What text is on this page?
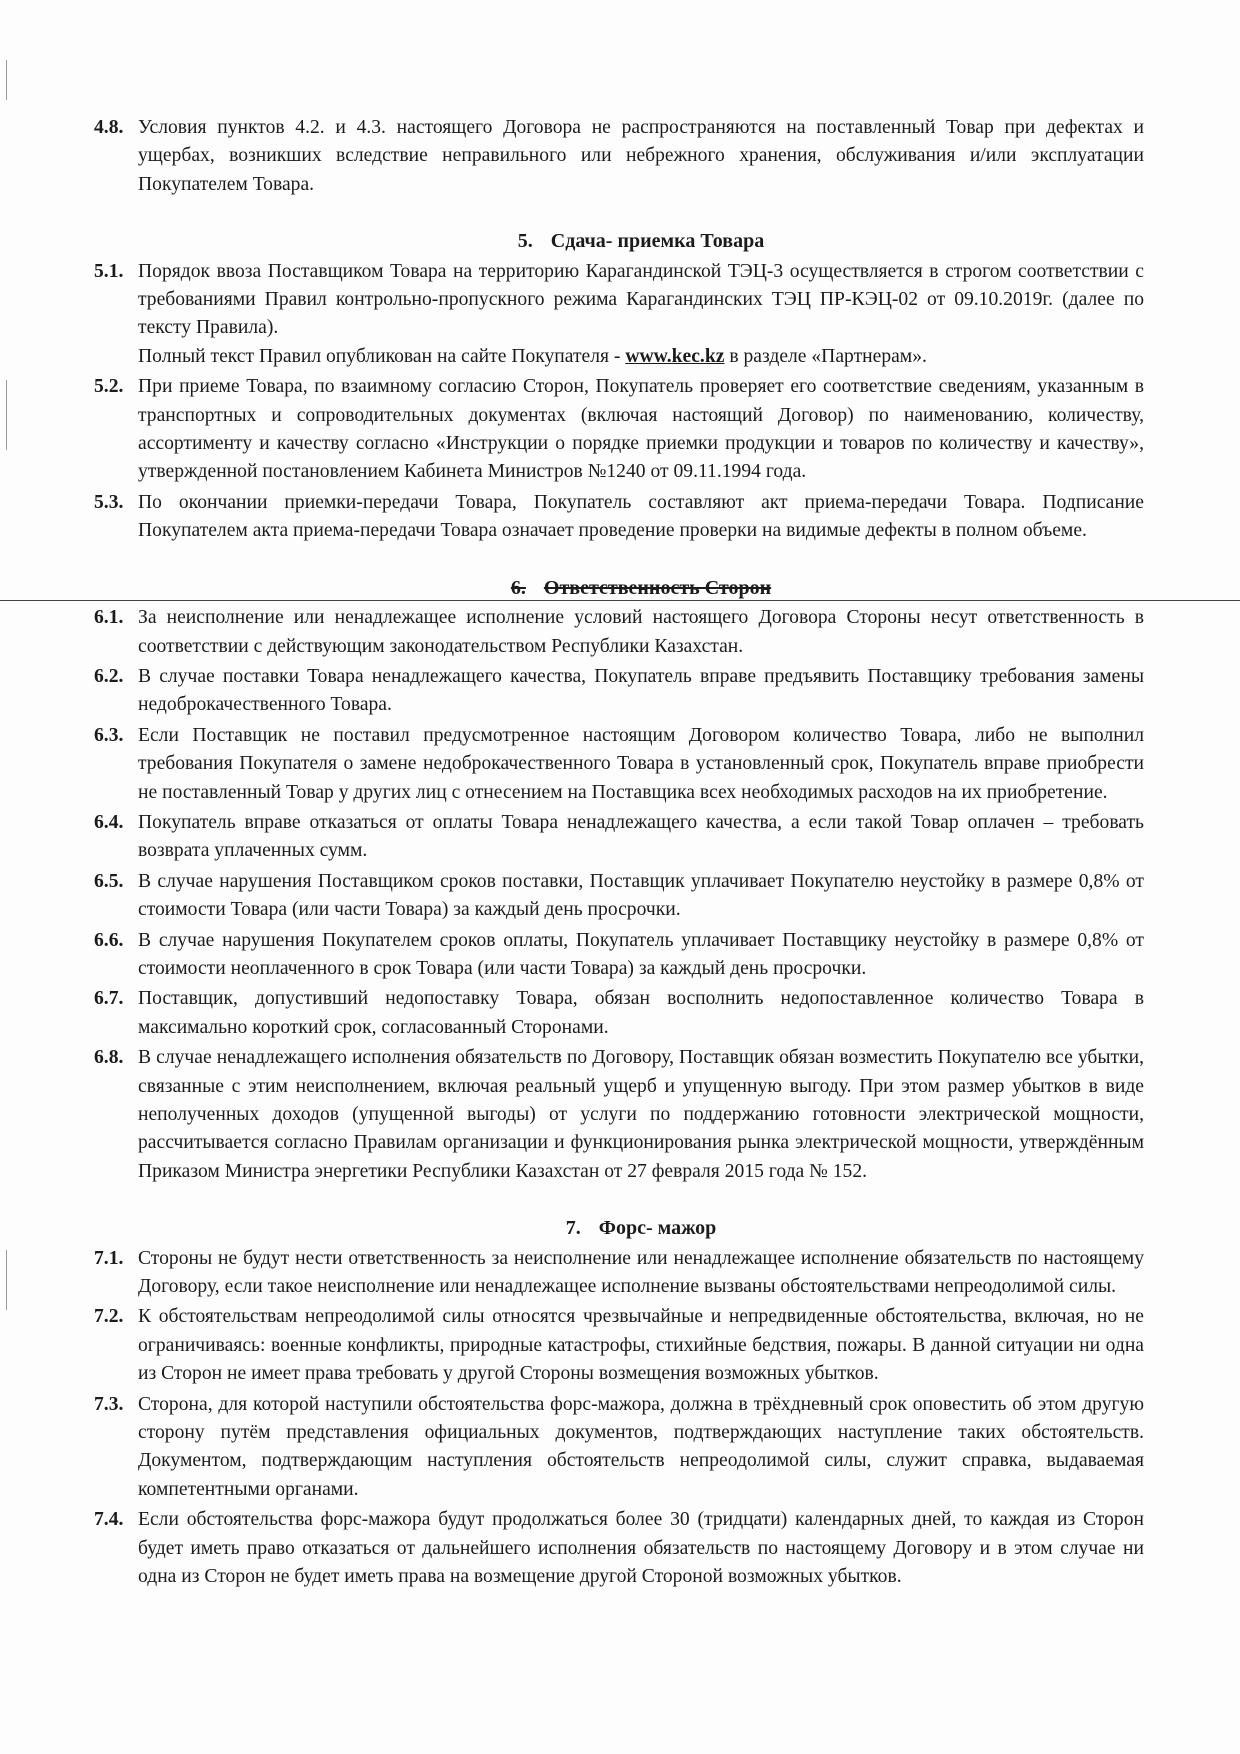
4.8. Условия пунктов 4.2. и 4.3. настоящего Договора не распространяются на поставленный Товар при дефектах и ущербах, возникших вследствие неправильного или небрежного хранения, обслуживания и/или эксплуатации Покупателем Товара.
5. Сдача- приемка Товара
5.1. Порядок ввоза Поставщиком Товара на территорию Карагандинской ТЭЦ-3 осуществляется в строгом соответствии с требованиями Правил контрольно-пропускного режима Карагандинских ТЭЦ ПР-КЭЦ-02 от 09.10.2019г. (далее по тексту Правила).
Полный текст Правил опубликован на сайте Покупателя - www.kec.kz в разделе «Партнерам».
5.2. При приеме Товара, по взаимному согласию Сторон, Покупатель проверяет его соответствие сведениям, указанным в транспортных и сопроводительных документах (включая настоящий Договор) по наименованию, количеству, ассортименту и качеству согласно «Инструкции о порядке приемки продукции и товаров по количеству и качеству», утвержденной постановлением Кабинета Министров №1240 от 09.11.1994 года.
5.3. По окончании приемки-передачи Товара, Покупатель составляют акт приема-передачи Товара. Подписание Покупателем акта приема-передачи Товара означает проведение проверки на видимые дефекты в полном объеме.
6. Ответственность Сторон
6.1. За неисполнение или ненадлежащее исполнение условий настоящего Договора Стороны несут ответственность в соответствии с действующим законодательством Республики Казахстан.
6.2. В случае поставки Товара ненадлежащего качества, Покупатель вправе предъявить Поставщику требования замены недоброкачественного Товара.
6.3. Если Поставщик не поставил предусмотренное настоящим Договором количество Товара, либо не выполнил требования Покупателя о замене недоброкачественного Товара в установленный срок, Покупатель вправе приобрести не поставленный Товар у других лиц с отнесением на Поставщика всех необходимых расходов на их приобретение.
6.4. Покупатель вправе отказаться от оплаты Товара ненадлежащего качества, а если такой Товар оплачен – требовать возврата уплаченных сумм.
6.5. В случае нарушения Поставщиком сроков поставки, Поставщик уплачивает Покупателю неустойку в размере 0,8% от стоимости Товара (или части Товара) за каждый день просрочки.
6.6. В случае нарушения Покупателем сроков оплаты, Покупатель уплачивает Поставщику неустойку в размере 0,8% от стоимости неоплаченного в срок Товара (или части Товара) за каждый день просрочки.
6.7. Поставщик, допустивший недопоставку Товара, обязан восполнить недопоставленное количество Товара в максимально короткий срок, согласованный Сторонами.
6.8. В случае ненадлежащего исполнения обязательств по Договору, Поставщик обязан возместить Покупателю все убытки, связанные с этим неисполнением, включая реальный ущерб и упущенную выгоду. При этом размер убытков в виде неполученных доходов (упущенной выгоды) от услуги по поддержанию готовности электрической мощности, рассчитывается согласно Правилам организации и функционирования рынка электрической мощности, утверждённым Приказом Министра энергетики Республики Казахстан от 27 февраля 2015 года № 152.
7. Форс- мажор
7.1. Стороны не будут нести ответственность за неисполнение или ненадлежащее исполнение обязательств по настоящему Договору, если такое неисполнение или ненадлежащее исполнение вызваны обстоятельствами непреодолимой силы.
7.2. К обстоятельствам непреодолимой силы относятся чрезвычайные и непредвиденные обстоятельства, включая, но не ограничиваясь: военные конфликты, природные катастрофы, стихийные бедствия, пожары. В данной ситуации ни одна из Сторон не имеет права требовать у другой Стороны возмещения возможных убытков.
7.3. Сторона, для которой наступили обстоятельства форс-мажора, должна в трёхдневный срок оповестить об этом другую сторону путём представления официальных документов, подтверждающих наступление таких обстоятельств. Документом, подтверждающим наступления обстоятельств непреодолимой силы, служит справка, выдаваемая компетентными органами.
7.4. Если обстоятельства форс-мажора будут продолжаться более 30 (тридцати) календарных дней, то каждая из Сторон будет иметь право отказаться от дальнейшего исполнения обязательств по настоящему Договору и в этом случае ни одна из Сторон не будет иметь права на возмещение другой Стороной возможных убытков.
